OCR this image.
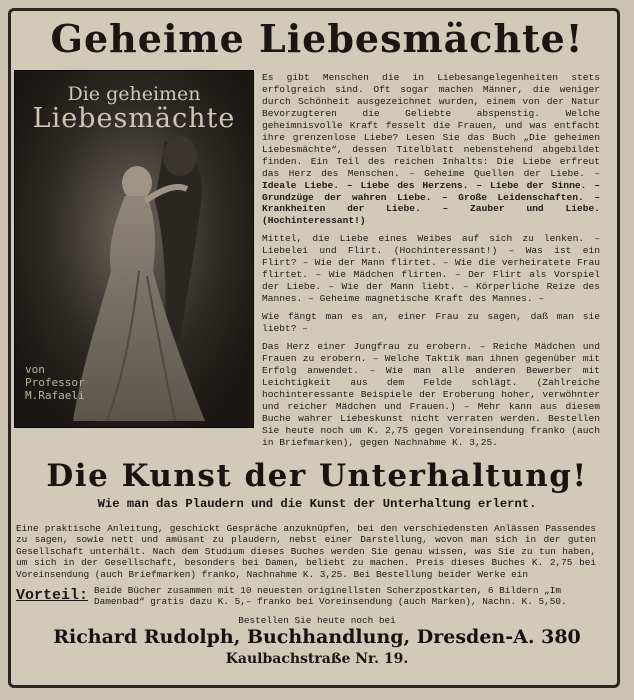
Geheime Liebesmächte!
Die geheimen
Liebesmächte
von
Professor
M.Rafaeli

Es gibt Menschen die in Liebesangelegenheiten stets erfolgreich sind. Oft sogar machen Männer, die weniger durch Schönheit ausgezeichnet wurden, einem von der Natur Bevorzugteren die Geliebte abspenstig. Welche geheimnisvolle Kraft fesselt die Frauen, und was entfacht ihre grenzenlose Liebe? Lesen Sie das Buch „Die geheimen Liebesmächte“, dessen Titelblatt nebenstehend abgebildet finden. Ein Teil des reichen Inhalts: Die Liebe erfreut das Herz des Menschen. – Geheime Quellen der Liebe. – Ideale Liebe. – Liebe des Herzens. – Liebe der Sinne. – Grundzüge der wahren Liebe. – Große Leidenschaften. – Krankheiten der Liebe. – Zauber und Liebe. (Hochinteressant!)

Mittel, die Liebe eines Weibes auf sich zu lenken. – Liebelei und Flirt. (Hochinteressant!) – Was ist ein Flirt? – Wie der Mann flirtet. – Wie die verheiratete Frau flirtet. – Wie Mädchen flirten. – Der Flirt als Vorspiel der Liebe. – Wie der Mann liebt. – Körperliche Reize des Mannes. – Geheime magnetische Kraft des Mannes. –

Wie fängt man es an, einer Frau zu sagen, daß man sie liebt? –

Das Herz einer Jungfrau zu erobern. – Reiche Mädchen und Frauen zu erobern. – Welche Taktik man ihnen gegenüber mit Erfolg anwendet. – Wie man alle anderen Bewerber mit Leichtigkeit aus dem Felde schlägt. (Zahlreiche hochinteressante Beispiele der Eroberung hoher, verwöhnter und reicher Mädchen und Frauen.) – Mehr kann aus diesem Buche wahrer Liebeskunst nicht verraten werden. Bestellen Sie heute noch um K. 2,75 gegen Voreinsendung franko (auch in Briefmarken), gegen Nachnahme K. 3,25.

Die Kunst der Unterhaltung!
Wie man das Plaudern und die Kunst der Unterhaltung erlernt.
Eine praktische Anleitung, geschickt Gespräche anzuknüpfen, bei den verschiedensten Anlässen Passendes zu sagen, sowie nett und amüsant zu plaudern, nebst einer Darstellung, wovon man sich in der guten Gesellschaft unterhält. Nach dem Studium dieses Buches werden Sie genau wissen, was Sie zu tun haben, um sich in der Gesellschaft, besonders bei Damen, beliebt zu machen. Preis dieses Buches K. 2,75 bei Voreinsendung (auch Briefmarken) franko, Nachnahme K. 3,25. Bei Bestellung beider Werke ein
Vorteil: Beide Bücher zusammen mit 10 neuesten originellsten Scherzpostkarten, 6 Bildern „Im Damenbad“ gratis dazu K. 5,– franko bei Voreinsendung (auch Marken), Nachn. K. 5,50.
Bestellen Sie heute noch bei
Richard Rudolph, Buchhandlung, Dresden-A. 380
Kaulbachstraße Nr. 19.
